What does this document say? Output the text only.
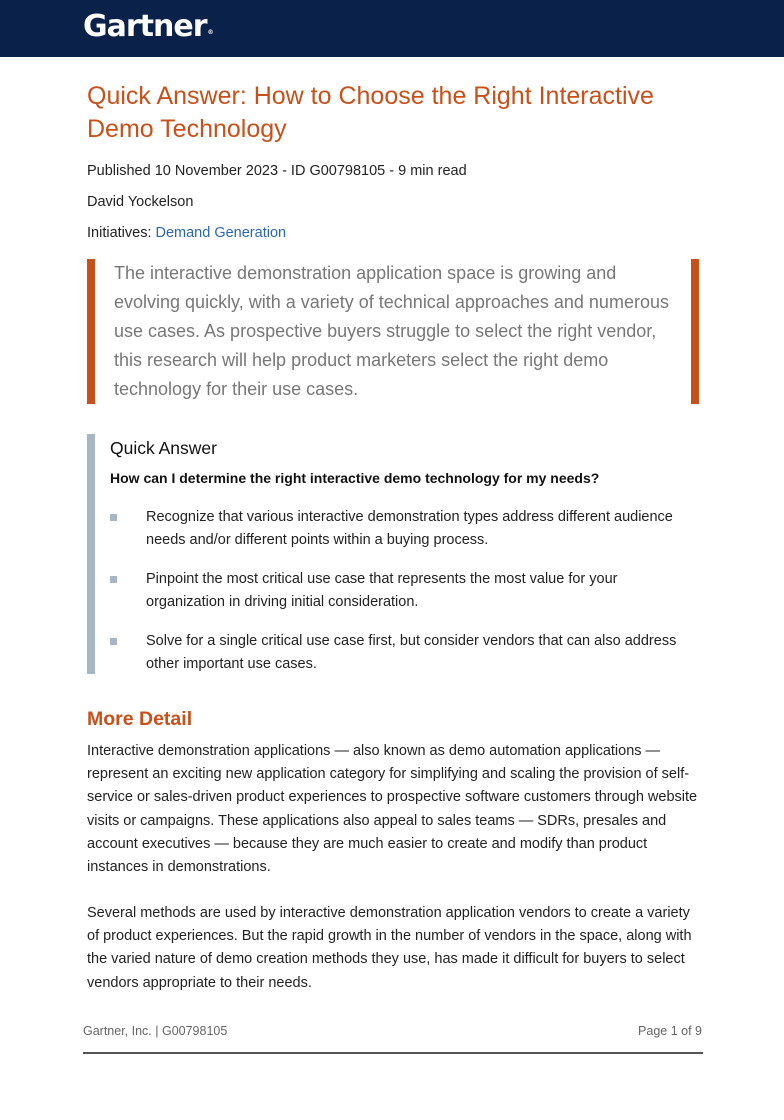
Gartner®
Quick Answer: How to Choose the Right Interactive Demo Technology
Published 10 November 2023 - ID G00798105 - 9 min read
David Yockelson
Initiatives: Demand Generation

The interactive demonstration application space is growing and evolving quickly, with a variety of technical approaches and numerous use cases. As prospective buyers struggle to select the right vendor, this research will help product marketers select the right demo technology for their use cases.

Quick Answer

How can I determine the right interactive demo technology for my needs?

Recognize that various interactive demonstration types address different audience needs and/or different points within a buying process.
Pinpoint the most critical use case that represents the most value for your organization in driving initial consideration.
Solve for a single critical use case first, but consider vendors that can also address other important use cases.
More Detail

Interactive demonstration applications — also known as demo automation applications — represent an exciting new application category for simplifying and scaling the provision of self-service or sales-driven product experiences to prospective software customers through website visits or campaigns. These applications also appeal to sales teams — SDRs, presales and account executives — because they are much easier to create and modify than product instances in demonstrations.

Several methods are used by interactive demonstration application vendors to create a variety of product experiences. But the rapid growth in the number of vendors in the space, along with the varied nature of demo creation methods they use, has made it difficult for buyers to select vendors appropriate to their needs.

Gartner, Inc. | G00798105	Page 1 of 9
